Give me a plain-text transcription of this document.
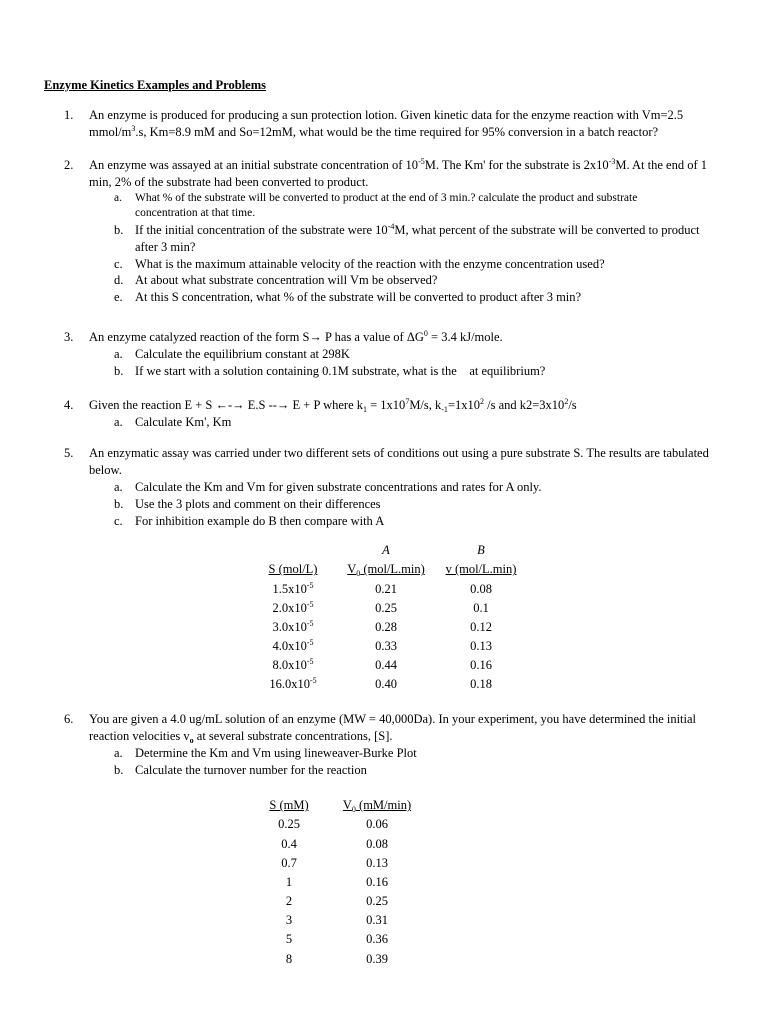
Enzyme Kinetics Examples and Problems
1. An enzyme is produced for producing a sun protection lotion. Given kinetic data for the enzyme reaction with Vm=2.5
mmol/$m^3.s$, Km=8.9 mM and So=12mM, what would be the time required for 95% conversion in a batch reactor?
2. An enzyme was assayed at an initial substrate concentration of $10^{-5}M$. The Km' for the substrate is $2x10^{-3}M$. At the end of 1
min, 2% of the substrate had been converted to product.
a. What % of the substrate will be converted to product at the end of 3 min.? calculate the product and substrate
concentration at that time.
b. If the initial concentration of the substrate were $10^{-4}M$, what percent of the substrate will be converted to product
after 3 min?
c. What is the maximum attainable velocity of the reaction with the enzyme concentration used?
d. At about what substrate concentration will Vm be observed?
e. At this S concentration, what % of the substrate will be converted to product after 3 min?
3. An enzyme catalyzed reaction of the form S→ P has a value of $\Delta G^0 = 3.4$ kJ/mole.
a. Calculate the equilibrium constant at 298K
b. If we start with a solution containing 0.1M substrate, what is the    at equilibrium?
4. Given the reaction E + S ←-→ E.S --→ E + P where $k_1 = 1x10^7M/s$, $k_{-1}=1x10^2$ /s and $k2=3x10^2/s$
a. Calculate Km', Km
5. An enzymatic assay was carried under two different sets of conditions out using a pure substrate S. The results are tabulated
below.
a. Calculate the Km and Vm for given substrate concentrations and rates for A only.
b. Use the 3 plots and comment on their differences
c. For inhibition example do B then compare with A
	A	B
S (mol/L)	$V_0$ (mol/L.min)	v (mol/L.min)
$1.5x10^{-5}$	0.21	0.08
$2.0x10^{-5}$	0.25	0.1
$3.0x10^{-5}$	0.28	0.12
$4.0x10^{-5}$	0.33	0.13
$8.0x10^{-5}$	0.44	0.16
$16.0x10^{-5}$	0.40	0.18
6. You are given a 4.0 ug/mL solution of an enzyme (MW = 40,000Da). In your experiment, you have determined the initial
reaction velocities $v_o$ at several substrate concentrations, [S].
a. Determine the Km and Vm using lineweaver-Burke Plot
b. Calculate the turnover number for the reaction
S (mM)	$V_0$ (mM/min)
0.25	0.06
0.4	0.08
0.7	0.13
1	0.16
2	0.25
3	0.31
5	0.36
8	0.39
